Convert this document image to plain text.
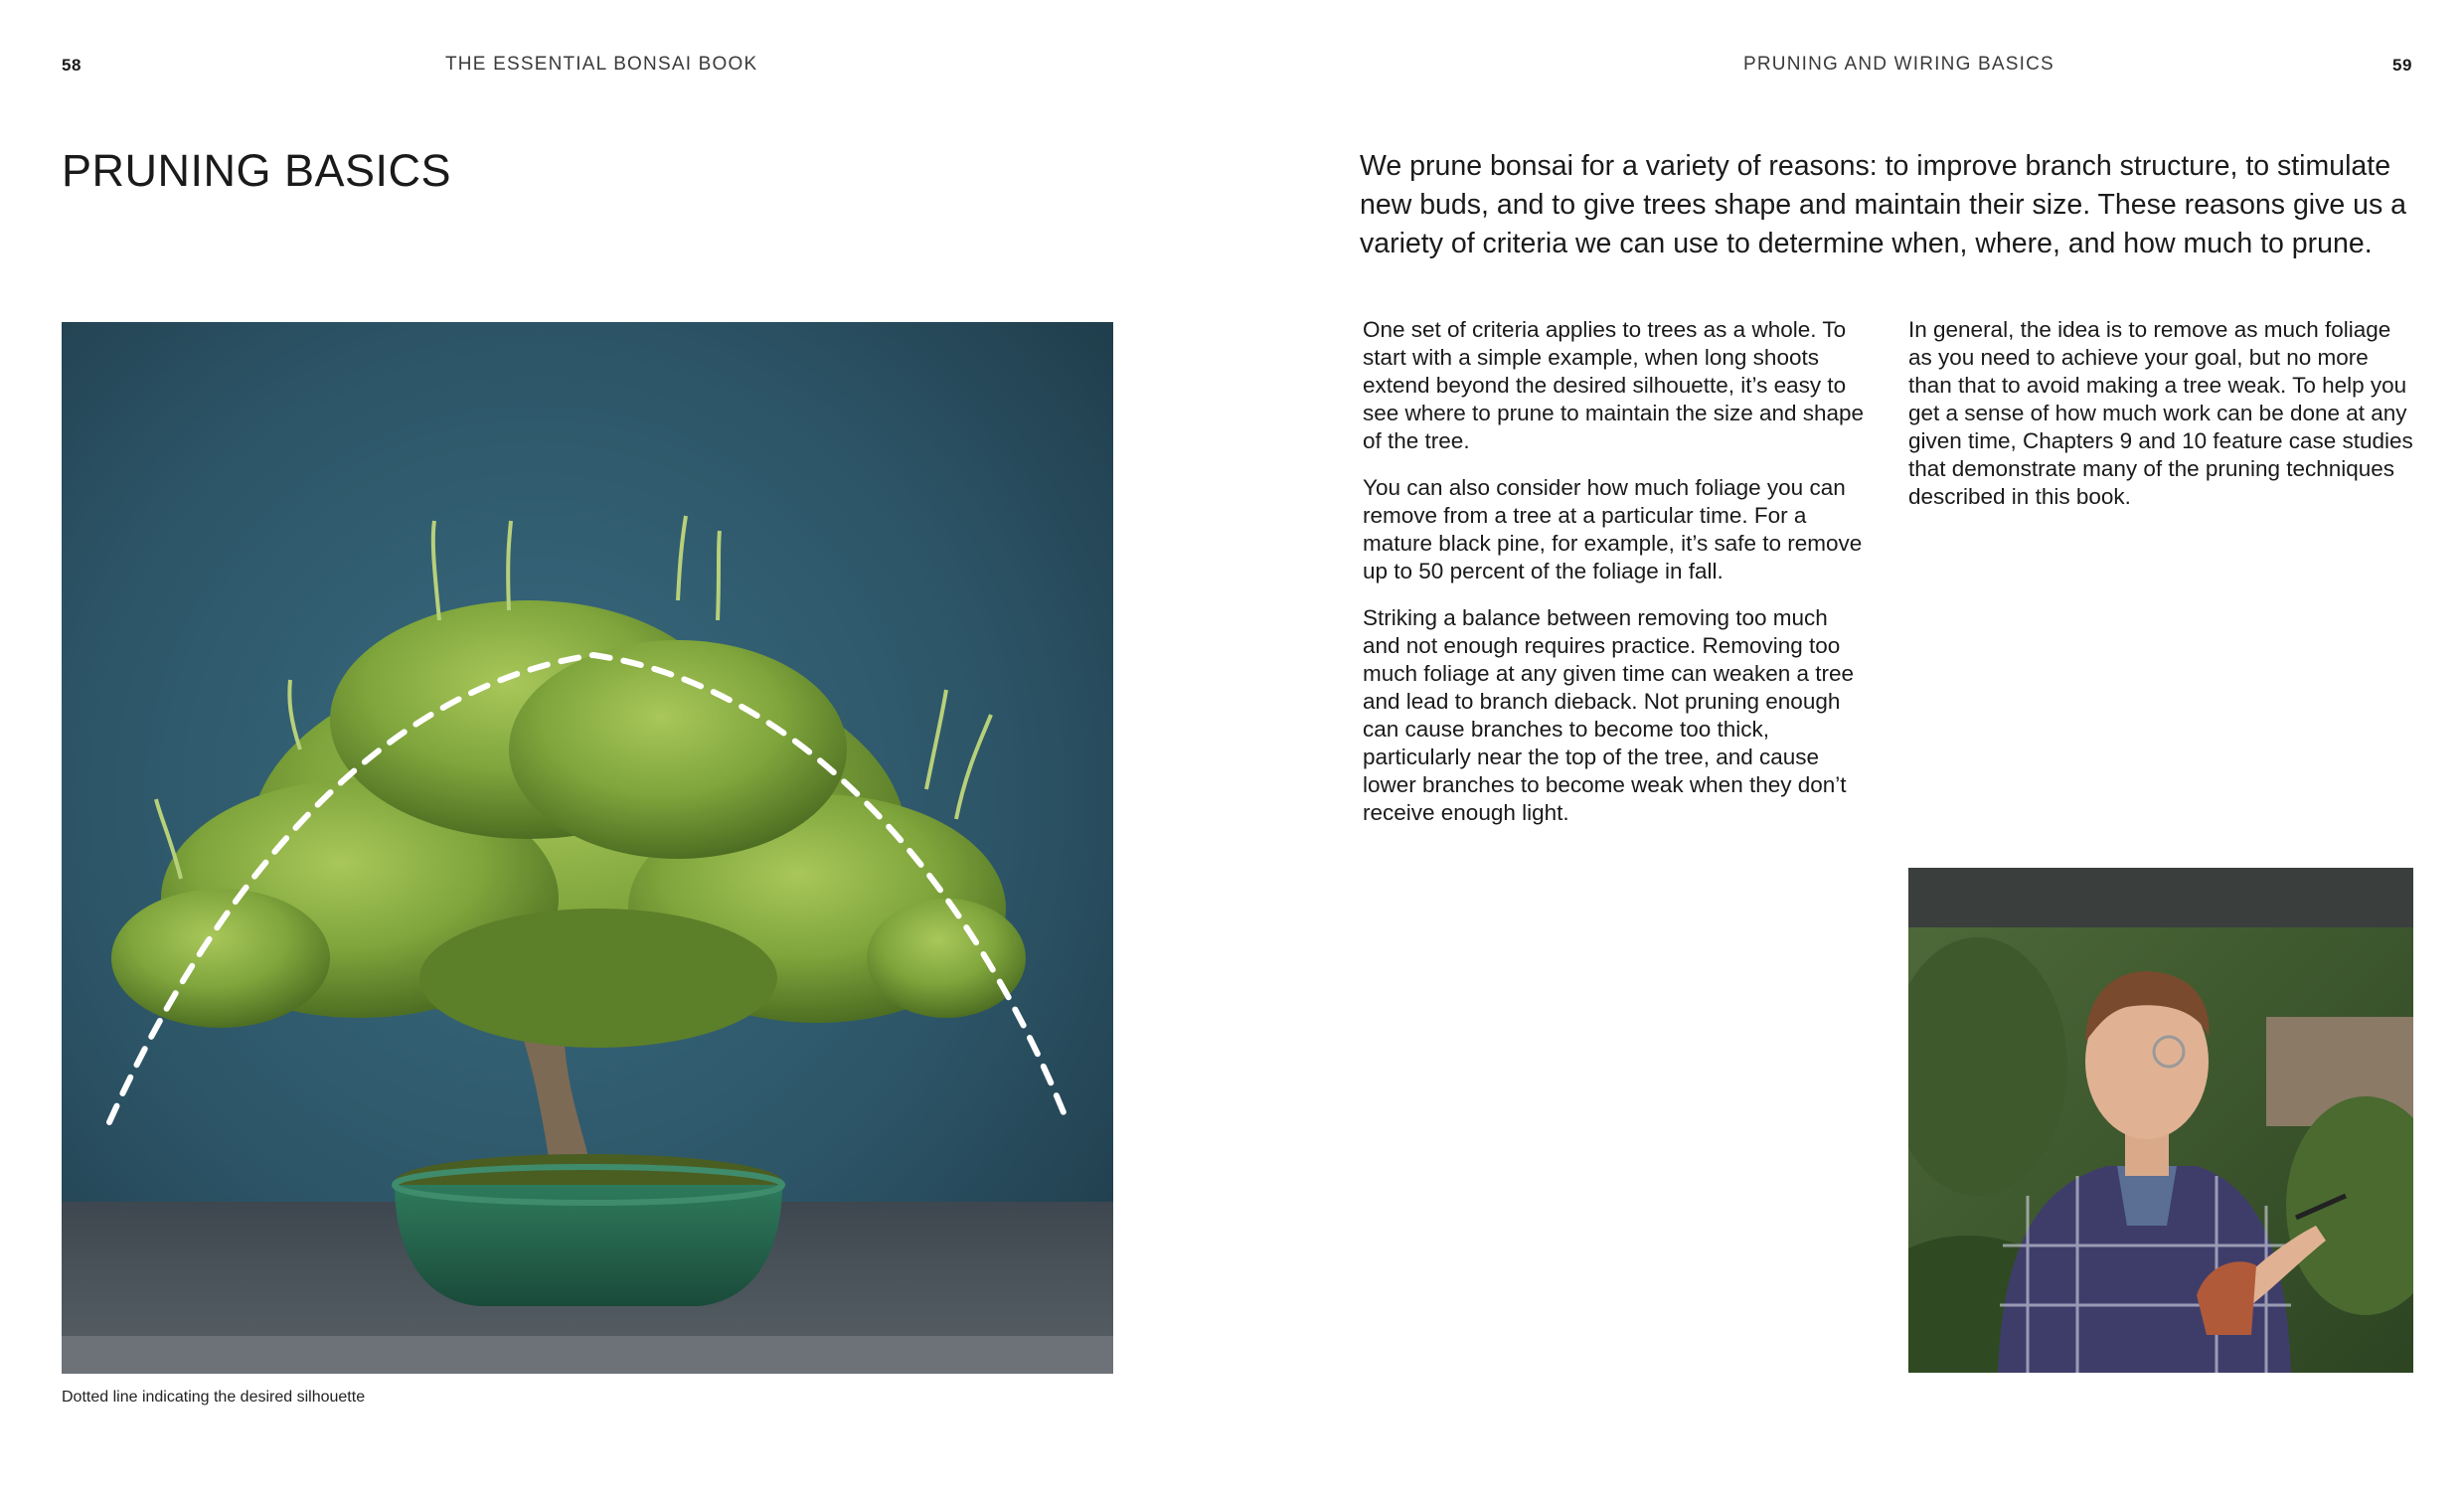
58	THE ESSENTIAL BONSAI BOOK	PRUNING AND WIRING BASICS	59
PRUNING BASICS	We prune bonsai for a variety of reasons: to improve branch structure, to stimulate new buds, and to give trees shape and maintain their size. These reasons give us a variety of criteria we can use to determine when, where, and how much to prune.

One set of criteria applies to trees as a whole. To start with a simple example, when long shoots extend beyond the desired silhouette, it’s easy to see where to prune to maintain the size and shape of the tree.

You can also consider how much foliage you can remove from a tree at a particular time. For a mature black pine, for example, it’s safe to remove up to 50 percent of the foliage in fall.

Striking a balance between removing too much and not enough requires practice. Removing too much foliage at any given time can weaken a tree and lead to branch dieback. Not pruning enough can cause branches to become too thick, particularly near the top of the tree, and cause lower branches to become weak when they don’t receive enough light.

In general, the idea is to remove as much foliage as you need to achieve your goal, but no more than that to avoid making a tree weak. To help you get a sense of how much work can be done at any given time, Chapters 9 and 10 feature case studies that demonstrate many of the pruning techniques described in this book.

Dotted line indicating the desired silhouette
